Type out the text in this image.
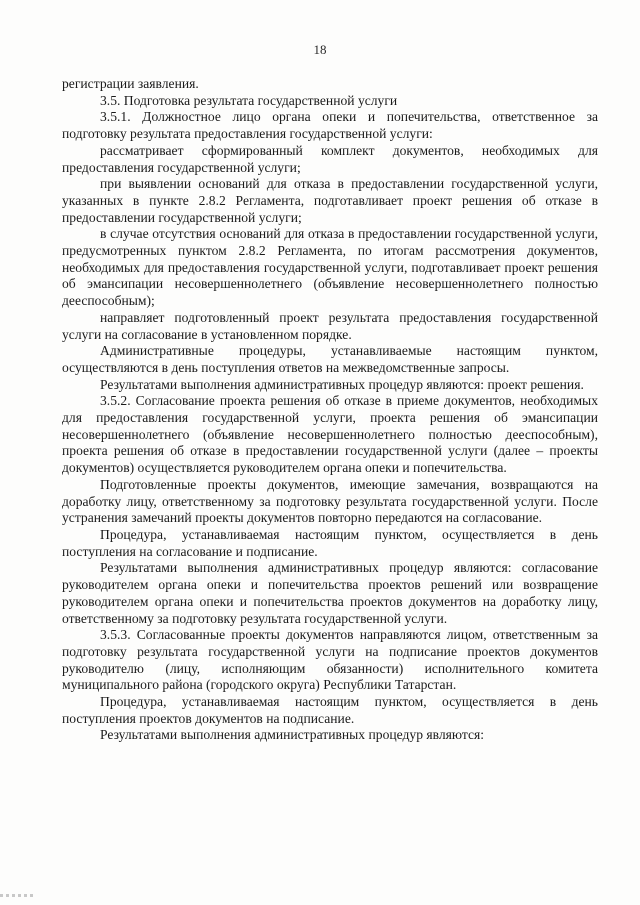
18

регистрации заявления.

3.5. Подготовка результата государственной услуги

3.5.1. Должностное лицо органа опеки и попечительства, ответственное за подготовку результата предоставления государственной услуги:

рассматривает сформированный комплект документов, необходимых для предоставления государственной услуги;

при выявлении оснований для отказа в предоставлении государственной услуги, указанных в пункте 2.8.2 Регламента, подготавливает проект решения об отказе в предоставлении государственной услуги;

в случае отсутствия оснований для отказа в предоставлении государственной услуги, предусмотренных пунктом 2.8.2 Регламента, по итогам рассмотрения документов, необходимых для предоставления государственной услуги, подготавливает проект решения об эмансипации несовершеннолетнего (объявление несовершеннолетнего полностью дееспособным);

направляет подготовленный проект результата предоставления государственной услуги на согласование в установленном порядке.

Административные процедуры, устанавливаемые настоящим пунктом, осуществляются в день поступления ответов на межведомственные запросы.

Результатами выполнения административных процедур являются: проект решения.

3.5.2. Согласование проекта решения об отказе в приеме документов, необходимых для предоставления государственной услуги, проекта решения об эмансипации несовершеннолетнего (объявление несовершеннолетнего полностью дееспособным), проекта решения об отказе в предоставлении государственной услуги (далее – проекты документов) осуществляется руководителем органа опеки и попечительства.

Подготовленные проекты документов, имеющие замечания, возвращаются на доработку лицу, ответственному за подготовку результата государственной услуги. После устранения замечаний проекты документов повторно передаются на согласование.

Процедура, устанавливаемая настоящим пунктом, осуществляется в день поступления на согласование и подписание.

Результатами выполнения административных процедур являются: согласование руководителем органа опеки и попечительства проектов решений или возвращение руководителем органа опеки и попечительства проектов документов на доработку лицу, ответственному за подготовку результата государственной услуги.

3.5.3. Согласованные проекты документов направляются лицом, ответственным за подготовку результата государственной услуги на подписание проектов документов руководителю (лицу, исполняющим обязанности) исполнительного комитета муниципального района (городского округа) Республики Татарстан.

Процедура, устанавливаемая настоящим пунктом, осуществляется в день поступления проектов документов на подписание.

Результатами выполнения административных процедур являются:
